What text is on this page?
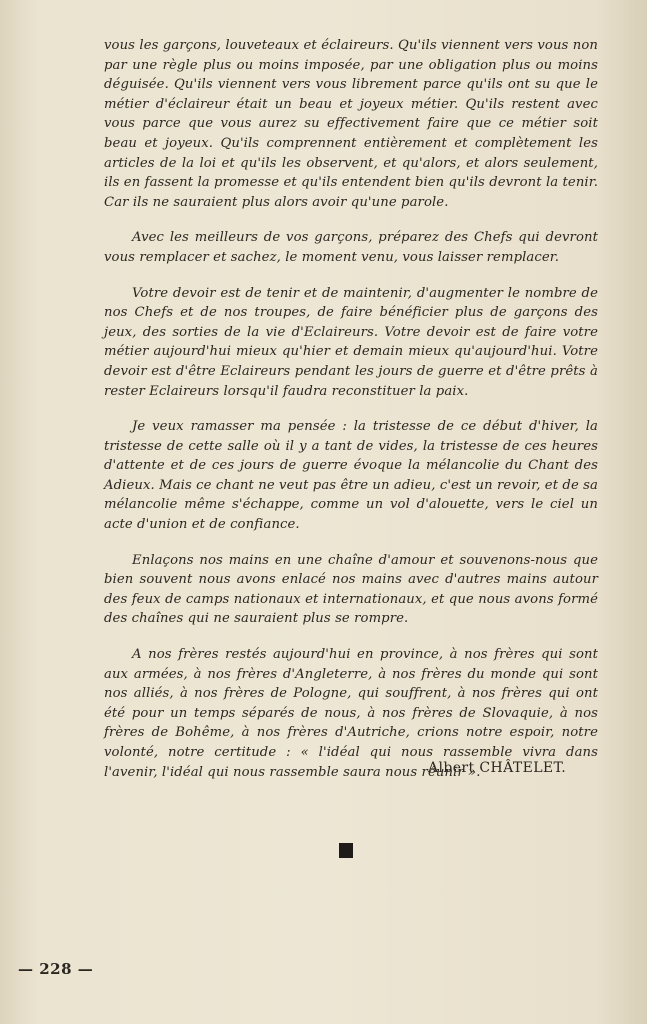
vous les garçons, louveteaux et éclaireurs. Qu'ils viennent vers vous non par une règle plus ou moins imposée, par une obligation plus ou moins déguisée. Qu'ils viennent vers vous librement parce qu'ils ont su que le métier d'éclaireur était un beau et joyeux métier. Qu'ils restent avec vous parce que vous aurez su effectivement faire que ce métier soit beau et joyeux. Qu'ils comprennent entièrement et complètement les articles de la loi et qu'ils les observent, et qu'alors, et alors seulement, ils en fassent la promesse et qu'ils entendent bien qu'ils devront la tenir. Car ils ne sauraient plus alors avoir qu'une parole.

Avec les meilleurs de vos garçons, préparez des Chefs qui devront vous remplacer et sachez, le moment venu, vous laisser remplacer.

Votre devoir est de tenir et de maintenir, d'augmenter le nombre de nos Chefs et de nos troupes, de faire bénéficier plus de garçons des jeux, des sorties de la vie d'Eclaireurs. Votre devoir est de faire votre métier aujourd'hui mieux qu'hier et demain mieux qu'aujourd'hui. Votre devoir est d'être Eclaireurs pendant les jours de guerre et d'être prêts à rester Eclaireurs lorsqu'il faudra reconstituer la paix.

Je veux ramasser ma pensée : la tristesse de ce début d'hiver, la tristesse de cette salle où il y a tant de vides, la tristesse de ces heures d'attente et de ces jours de guerre évoque la mélancolie du Chant des Adieux. Mais ce chant ne veut pas être un adieu, c'est un revoir, et de sa mélancolie même s'échappe, comme un vol d'alouette, vers le ciel un acte d'union et de confiance.

Enlaçons nos mains en une chaîne d'amour et souvenons-nous que bien souvent nous avons enlacé nos mains avec d'autres mains autour des feux de camps nationaux et internationaux, et que nous avons formé des chaînes qui ne sauraient plus se rompre.

A nos frères restés aujourd'hui en province, à nos frères qui sont aux armées, à nos frères d'Angleterre, à nos frères du monde qui sont nos alliés, à nos frères de Pologne, qui souffrent, à nos frères qui ont été pour un temps séparés de nous, à nos frères de Slovaquie, à nos frères de Bohême, à nos frères d'Autriche, crions notre espoir, notre volonté, notre certitude : « l'idéal qui nous rassemble vivra dans l'avenir, l'idéal qui nous rassemble saura nous réunir ».

Albert CHÂTELET.
— 228 —
